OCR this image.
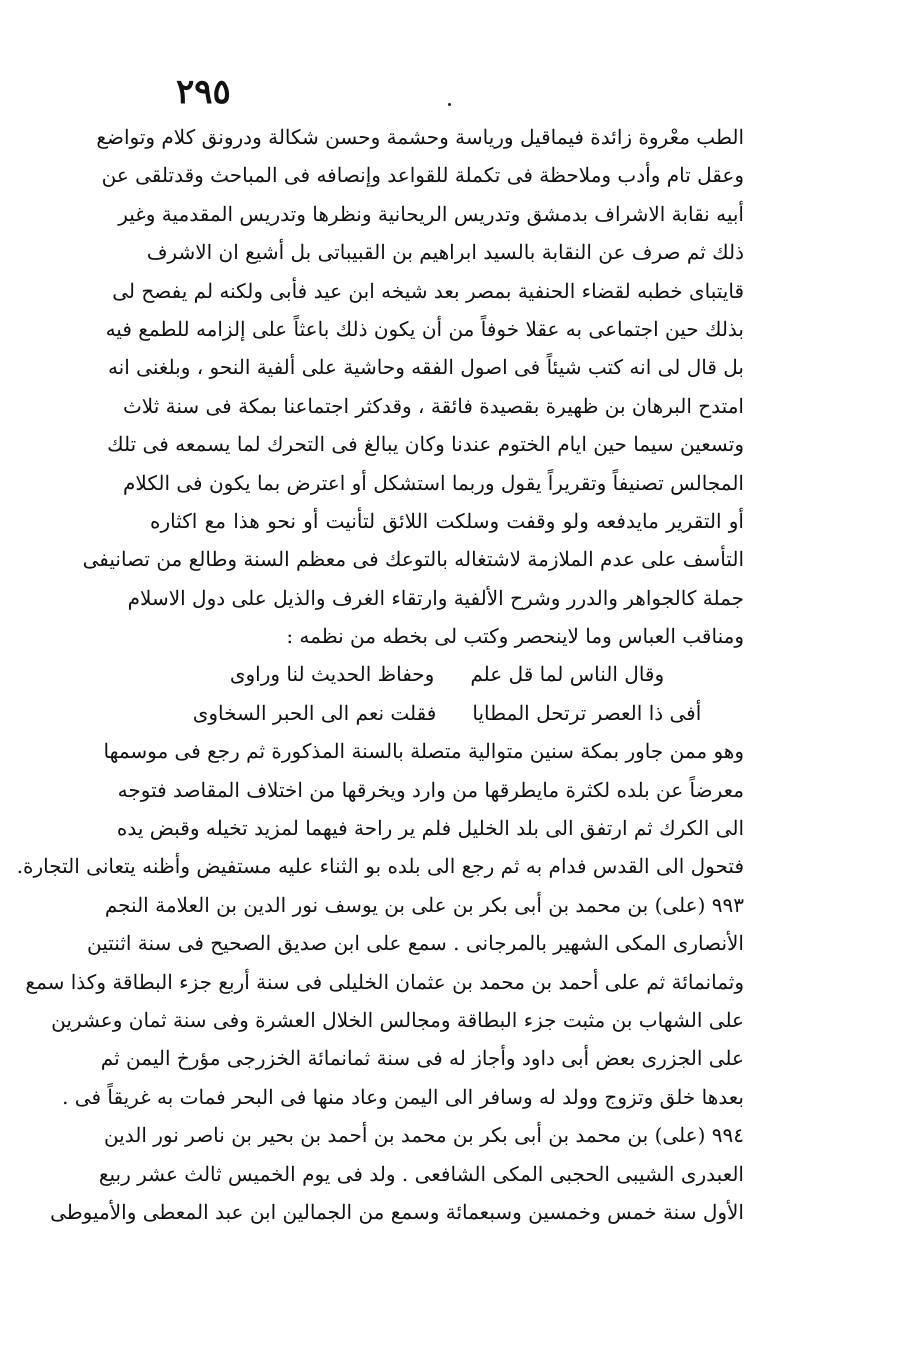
٢٩٥
الطب معْروة زائدة فيماقيل ورياسة وحشمة وحسن شكالة ودرونق كلام وتواضع
وعقل تام وأدب وملاحظة فى تكملة للقواعد وإنصافه فى المباحث وقدتلقى عن
أبيه نقابة الاشراف بدمشق وتدريس الريحانية ونظرها وتدريس المقدمية وغير
ذلك ثم صرف عن النقابة بالسيد ابراهيم بن القبيباتى بل أشيع ان الاشرف
قايتباى خطبه لقضاء الحنفية بمصر بعد شيخه ابن عيد فأبى ولكنه لم يفصح لى
بذلك حين اجتماعى به عقلا خوفاً من أن يكون ذلك باعثاً على إلزامه للطمع فيه
بل قال لى انه كتب شيئاً فى اصول الفقه وحاشية على ألفية النحو ، وبلغنى انه
امتدح البرهان بن ظهيرة بقصيدة فائقة ، وقدكثر اجتماعنا بمكة فى سنة ثلاث
وتسعين سيما حين ايام الختوم عندنا وكان يبالغ فى التحرك لما يسمعه فى تلك
المجالس تصنيفاً وتقريراً يقول وربما استشكل أو اعترض بما يكون فى الكلام
أو التقرير مايدفعه ولو وقفت وسلكت اللائق لتأنيت أو نحو هذا مع اكثاره
التأسف على عدم الملازمة لاشتغاله بالتوعك فى معظم السنة وطالع من تصانيفى
جملة كالجواهر والدرر وشرح الألفية وارتقاء الغرف والذيل على دول الاسلام
ومناقب العباس وما لاينحصر وكتب لى بخطه من نظمه :
وقال الناس لما قل علم
وحفاظ الحديث لنا وراوى
أفى ذا العصر ترتحل المطايا
فقلت نعم الى الحبر السخاوى
وهو ممن جاور بمكة سنين متوالية متصلة بالسنة المذكورة ثم رجع فى موسمها
معرضاً عن بلده لكثرة مايطرقها من وارد ويخرقها من اختلاف المقاصد فتوجه
الى الكرك ثم ارتفق الى بلد الخليل فلم ير راحة فيهما لمزيد تخيله وقبض يده
فتحول الى القدس فدام به ثم رجع الى بلده بو الثناء عليه مستفيض وأظنه يتعانى التجارة.
٩٩٣ (على) بن محمد بن أبى بكر بن على بن يوسف نور الدين بن العلامة النجم
الأنصارى المكى الشهير بالمرجانى . سمع على ابن صديق الصحيح فى سنة اثنتين
وثمانمائة ثم على أحمد بن محمد بن عثمان الخليلى فى سنة أربع جزء البطاقة وكذا سمع
على الشهاب بن مثبت جزء البطاقة ومجالس الخلال العشرة وفى سنة ثمان وعشرين
على الجزرى بعض أبى داود وأجاز له فى سنة ثمانمائة الخزرجى مؤرخ اليمن ثم
بعدها خلق وتزوج وولد له وسافر الى اليمن وعاد منها فى البحر فمات به غريقاً فى .
٩٩٤ (على) بن محمد بن أبى بكر بن محمد بن أحمد بن بحير بن ناصر نور الدين
العبدرى الشيبى الحجبى المكى الشافعى . ولد فى يوم الخميس ثالث عشر ربيع
الأول سنة خمس وخمسين وسبعمائة وسمع من الجمالين ابن عبد المعطى والأميوطى
